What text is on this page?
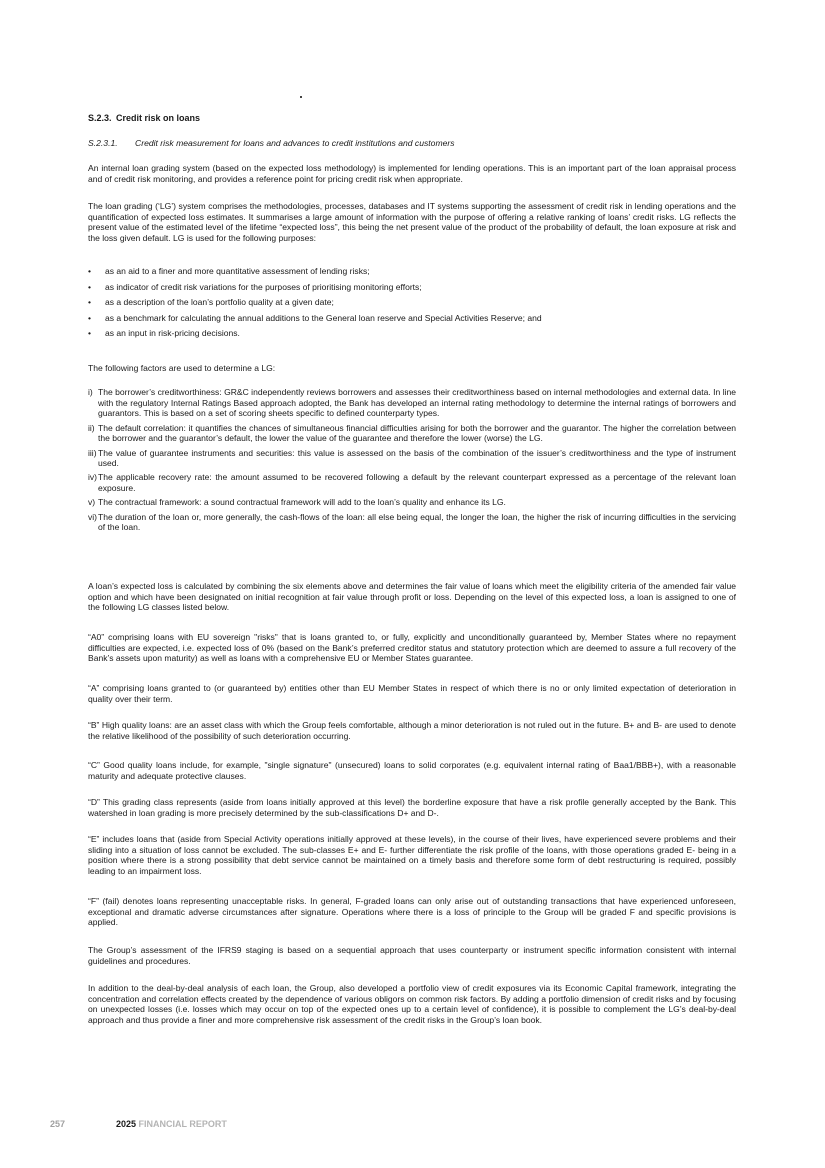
S.2.3. Credit risk on loans
S.2.3.1. Credit risk measurement for loans and advances to credit institutions and customers

An internal loan grading system (based on the expected loss methodology) is implemented for lending operations. This is an important part of the loan appraisal process and of credit risk monitoring, and provides a reference point for pricing credit risk when appropriate.

The loan grading (‘LG’) system comprises the methodologies, processes, databases and IT systems supporting the assessment of credit risk in lending operations and the quantification of expected loss estimates. It summarises a large amount of information with the purpose of offering a relative ranking of loans’ credit risks. LG reflects the present value of the estimated level of the lifetime “expected loss”, this being the net present value of the product of the probability of default, the loan exposure at risk and the loss given default. LG is used for the following purposes:

• as an aid to a finer and more quantitative assessment of lending risks;
• as indicator of credit risk variations for the purposes of prioritising monitoring efforts;
• as a description of the loan’s portfolio quality at a given date;
• as a benchmark for calculating the annual additions to the General loan reserve and Special Activities Reserve; and
• as an input in risk-pricing decisions.

The following factors are used to determine a LG:

i) The borrower’s creditworthiness: GR&C independently reviews borrowers and assesses their creditworthiness based on internal methodologies and external data. In line with the regulatory Internal Ratings Based approach adopted, the Bank has developed an internal rating methodology to determine the internal ratings of borrowers and guarantors. This is based on a set of scoring sheets specific to defined counterparty types.
ii) The default correlation: it quantifies the chances of simultaneous financial difficulties arising for both the borrower and the guarantor. The higher the correlation between the borrower and the guarantor’s default, the lower the value of the guarantee and therefore the lower (worse) the LG.
iii) The value of guarantee instruments and securities: this value is assessed on the basis of the combination of the issuer’s creditworthiness and the type of instrument used.
iv) The applicable recovery rate: the amount assumed to be recovered following a default by the relevant counterpart expressed as a percentage of the relevant loan exposure.
v) The contractual framework: a sound contractual framework will add to the loan’s quality and enhance its LG.
vi) The duration of the loan or, more generally, the cash-flows of the loan: all else being equal, the longer the loan, the higher the risk of incurring difficulties in the servicing of the loan.

A loan’s expected loss is calculated by combining the six elements above and determines the fair value of loans which meet the eligibility criteria of the amended fair value option and which have been designated on initial recognition at fair value through profit or loss. Depending on the level of this expected loss, a loan is assigned to one of the following LG classes listed below.

“A0” comprising loans with EU sovereign "risks" that is loans granted to, or fully, explicitly and unconditionally guaranteed by, Member States where no repayment difficulties are expected, i.e. expected loss of 0% (based on the Bank’s preferred creditor status and statutory protection which are deemed to assure a full recovery of the Bank’s assets upon maturity) as well as loans with a comprehensive EU or Member States guarantee.

“A” comprising loans granted to (or guaranteed by) entities other than EU Member States in respect of which there is no or only limited expectation of deterioration in quality over their term.

“B” High quality loans: are an asset class with which the Group feels comfortable, although a minor deterioration is not ruled out in the future. B+ and B- are used to denote the relative likelihood of the possibility of such deterioration occurring.

“C” Good quality loans include, for example, "single signature" (unsecured) loans to solid corporates (e.g. equivalent internal rating of Baa1/BBB+), with a reasonable maturity and adequate protective clauses.

“D” This grading class represents (aside from loans initially approved at this level) the borderline exposure that have a risk profile generally accepted by the Bank. This watershed in loan grading is more precisely determined by the sub-classifications D+ and D-.

“E” includes loans that (aside from Special Activity operations initially approved at these levels), in the course of their lives, have experienced severe problems and their sliding into a situation of loss cannot be excluded. The sub-classes E+ and E- further differentiate the risk profile of the loans, with those operations graded E- being in a position where there is a strong possibility that debt service cannot be maintained on a timely basis and therefore some form of debt restructuring is required, possibly leading to an impairment loss.

“F” (fail) denotes loans representing unacceptable risks. In general, F-graded loans can only arise out of outstanding transactions that have experienced unforeseen, exceptional and dramatic adverse circumstances after signature. Operations where there is a loss of principle to the Group will be graded F and specific provisions is applied.

The Group’s assessment of the IFRS9 staging is based on a sequential approach that uses counterparty or instrument specific information consistent with internal guidelines and procedures.

In addition to the deal-by-deal analysis of each loan, the Group, also developed a portfolio view of credit exposures via its Economic Capital framework, integrating the concentration and correlation effects created by the dependence of various obligors on common risk factors. By adding a portfolio dimension of credit risks and by focusing on unexpected losses (i.e. losses which may occur on top of the expected ones up to a certain level of confidence), it is possible to complement the LG’s deal-by-deal approach and thus provide a finer and more comprehensive risk assessment of the credit risks in the Group’s loan book.

257	2025 FINANCIAL REPORT
